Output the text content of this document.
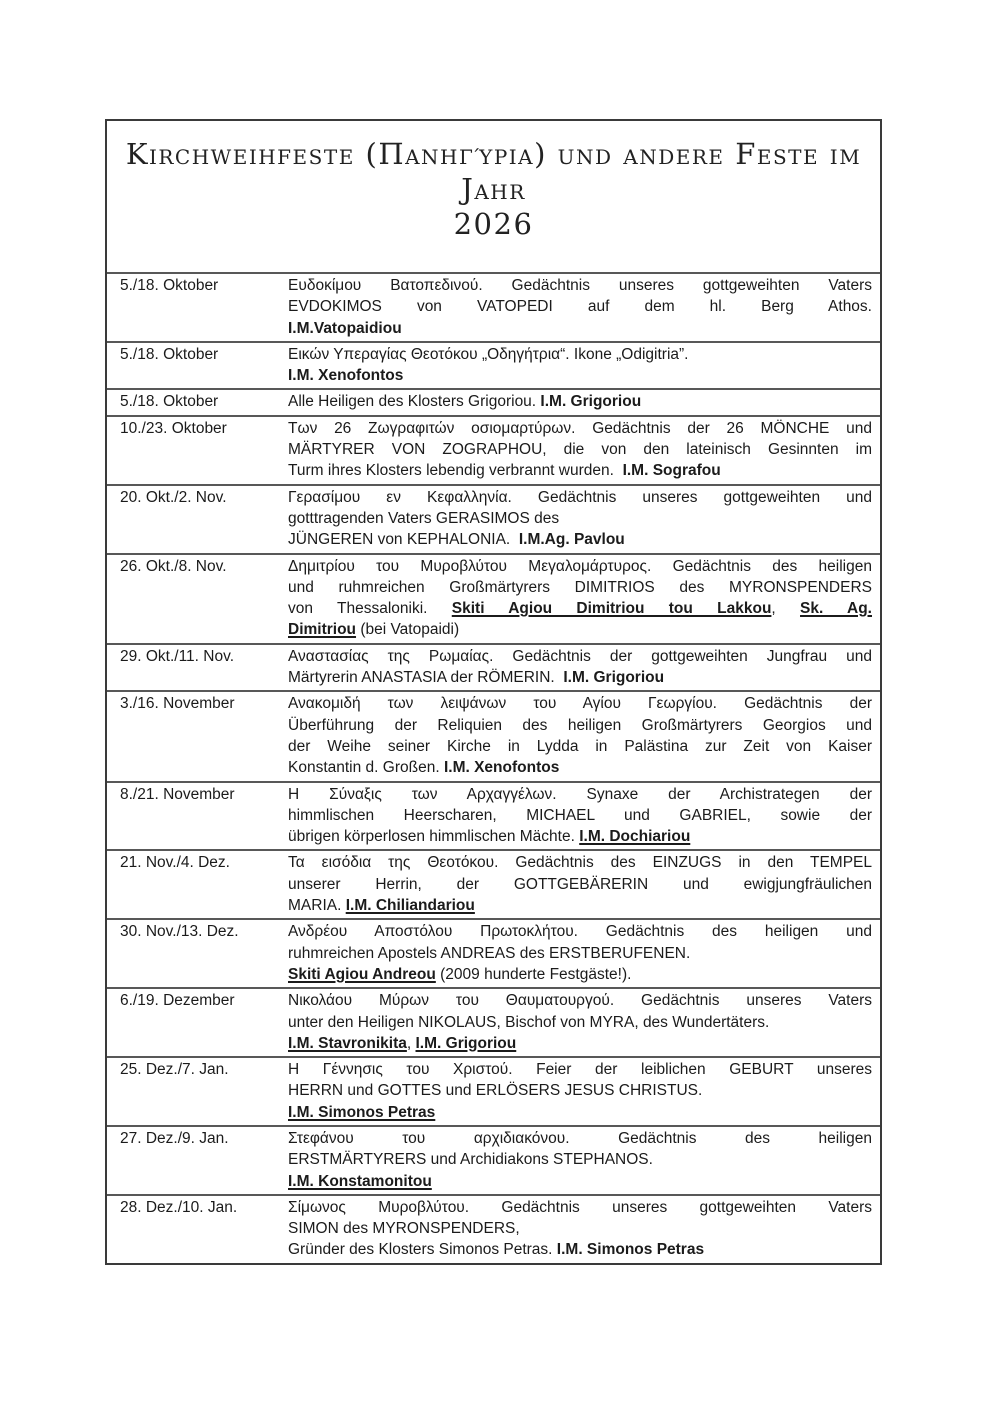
Kirchweihfeste (Πανηγύρια) und andere Feste im Jahr
2026
5./18. Oktober	Ευδοκίμου Βατοπεδινού. Gedächtnis unseres gottgeweihten Vaters
EVDOKIMOS von VATOPEDI auf dem hl. Berg Athos.
I.M.Vatopaidiou
5./18. Oktober	Εικών Υπεραγίας Θεοτόκου „Οδηγήτρια“. Ikone „Odigitria”.
I.M. Xenofontos
5./18. Oktober	Alle Heiligen des Klosters Grigoriou. I.M. Grigoriou
10./23. Oktober	Των 26 Ζωγραφιτών οσιομαρτύρων. Gedächtnis der 26 MÖNCHE und
MÄRTYRER VON ZOGRAPHOU, die von den lateinisch Gesinnten im
Turm ihres Klosters lebendig verbrannt wurden.  I.M. Sografou
20. Okt./2. Nov.	Γερασίμου εν Κεφαλληνία. Gedächtnis unseres gottgeweihten und
gotttragenden Vaters GERASIMOS des
JÜNGEREN von KEPHALONIA.  I.M.Ag. Pavlou
26. Okt./8. Nov.	Δημιτρίου του Μυροβλύτου Μεγαλομάρτυρος. Gedächtnis des heiligen
und ruhmreichen Großmärtyrers DIMITRIOS des MYRONSPENDERS
von Thessaloniki. Skiti Agiou Dimitriou tou Lakkou, Sk. Ag.
Dimitriou (bei Vatopaidi)
29. Okt./11. Nov.	Αναστασίας της Ρωμαίας. Gedächtnis der gottgeweihten Jungfrau und
Märtyrerin ANASTASIA der RÖMERIN.  I.M. Grigoriou
3./16. November	Ανακομιδή των λειψάνων του Αγίου Γεωργίου. Gedächtnis der
Überführung der Reliquien des heiligen Großmärtyrers Georgios und
der Weihe seiner Kirche in Lydda in Palästina zur Zeit von Kaiser
Konstantin d. Großen. I.M. Xenofontos
8./21. November	Η Σύναξις των Αρχαγγέλων. Synaxe der Archistrategen der
himmlischen Heerscharen, MICHAEL und GABRIEL, sowie der
übrigen körperlosen himmlischen Mächte. I.M. Dochiariou
21. Nov./4. Dez.	Τα εισόδια της Θεοτόκου. Gedächtnis des EINZUGS in den TEMPEL
unserer Herrin, der GOTTGEBÄRERIN und ewigjungfräulichen
MARIA. I.M. Chiliandariou
30. Nov./13. Dez.	Ανδρέου Αποστόλου Πρωτοκλήτου. Gedächtnis des heiligen und
ruhmreichen Apostels ANDREAS des ERSTBERUFENEN.
Skiti Agiou Andreou (2009 hunderte Festgäste!).
6./19. Dezember	Νικολάου Μύρων του Θαυματουργού. Gedächtnis unseres Vaters
unter den Heiligen NIKOLAUS, Bischof von MYRA, des Wundertäters.
I.M. Stavronikita, I.M. Grigoriou
25. Dez./7. Jan.	Η Γέννησις του Χριστού. Feier der leiblichen GEBURT unseres
HERRN und GOTTES und ERLÖSERS JESUS CHRISTUS.
I.M. Simonos Petras
27. Dez./9. Jan.	Στεφάνου του αρχιδιακόνου. Gedächtnis des heiligen
ERSTMÄRTYRERS und Archidiakons STEPHANOS.
I.M. Konstamonitou
28. Dez./10. Jan.	Σίμωνος Μυροβλύτου. Gedächtnis unseres gottgeweihten Vaters
SIMON des MYRONSPENDERS,
Gründer des Klosters Simonos Petras. I.M. Simonos Petras
